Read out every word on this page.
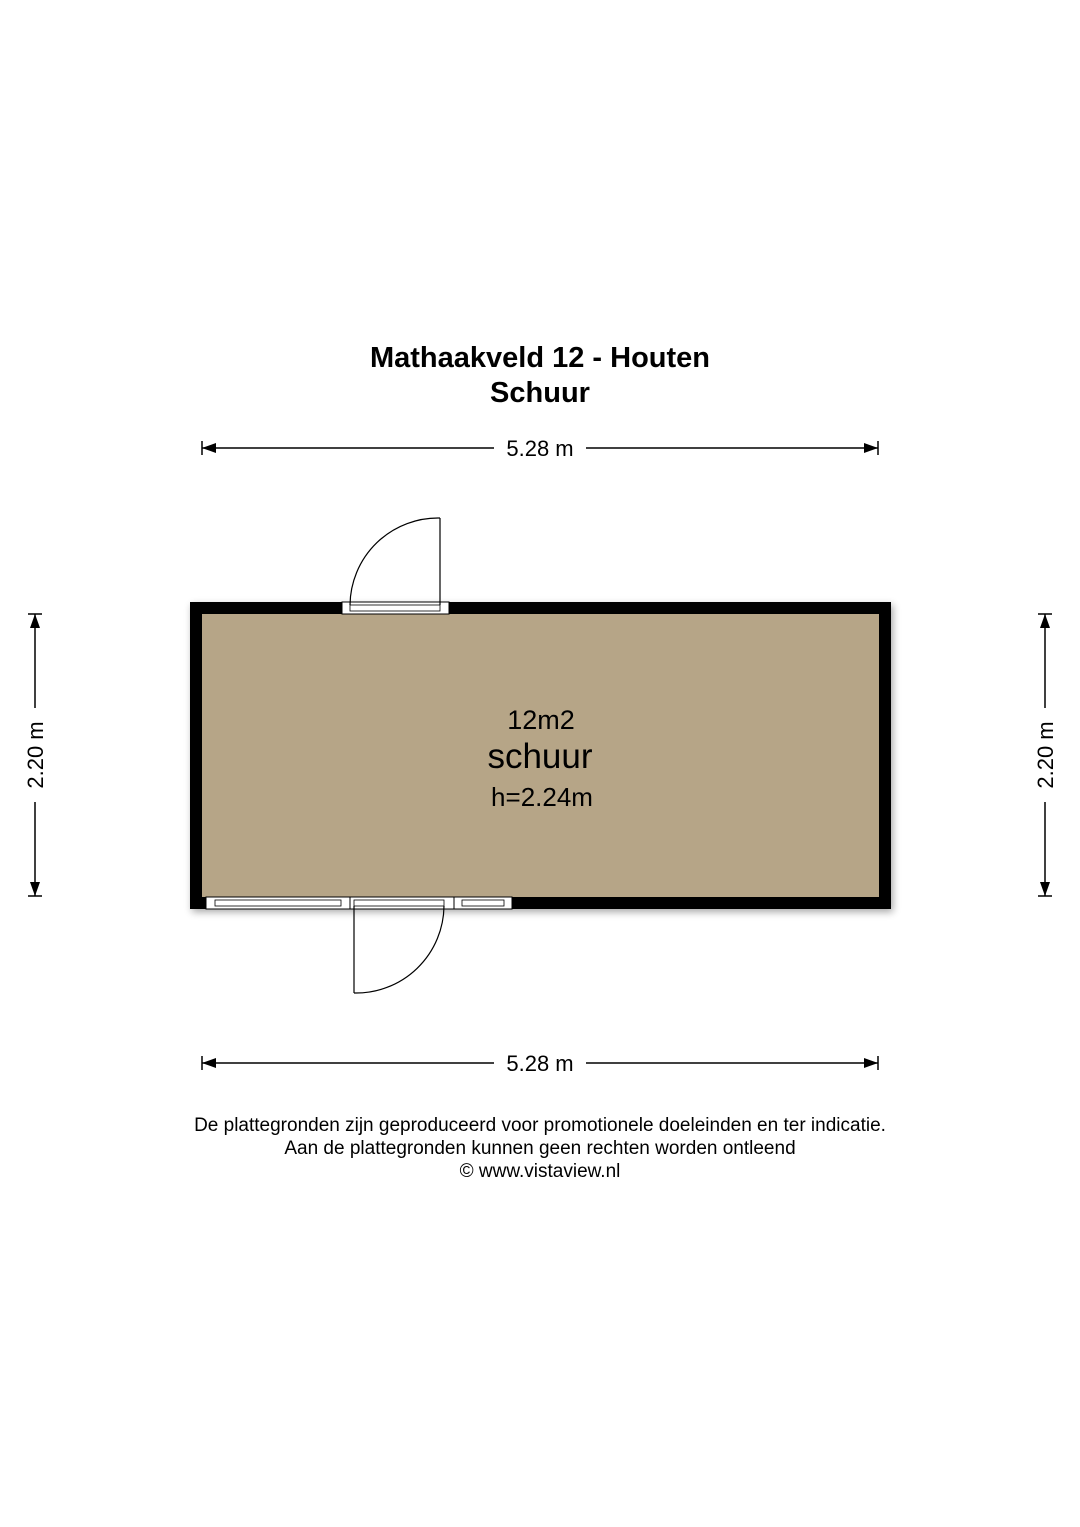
Mathaakveld 12 - Houten
Schuur
5.28 m
5.28 m
2.20 m	2.20 m
12m2
schuur
h=2.24m
De plattegronden zijn geproduceerd voor promotionele doeleinden en ter indicatie.
Aan de plattegronden kunnen geen rechten worden ontleend
© www.vistaview.nl
